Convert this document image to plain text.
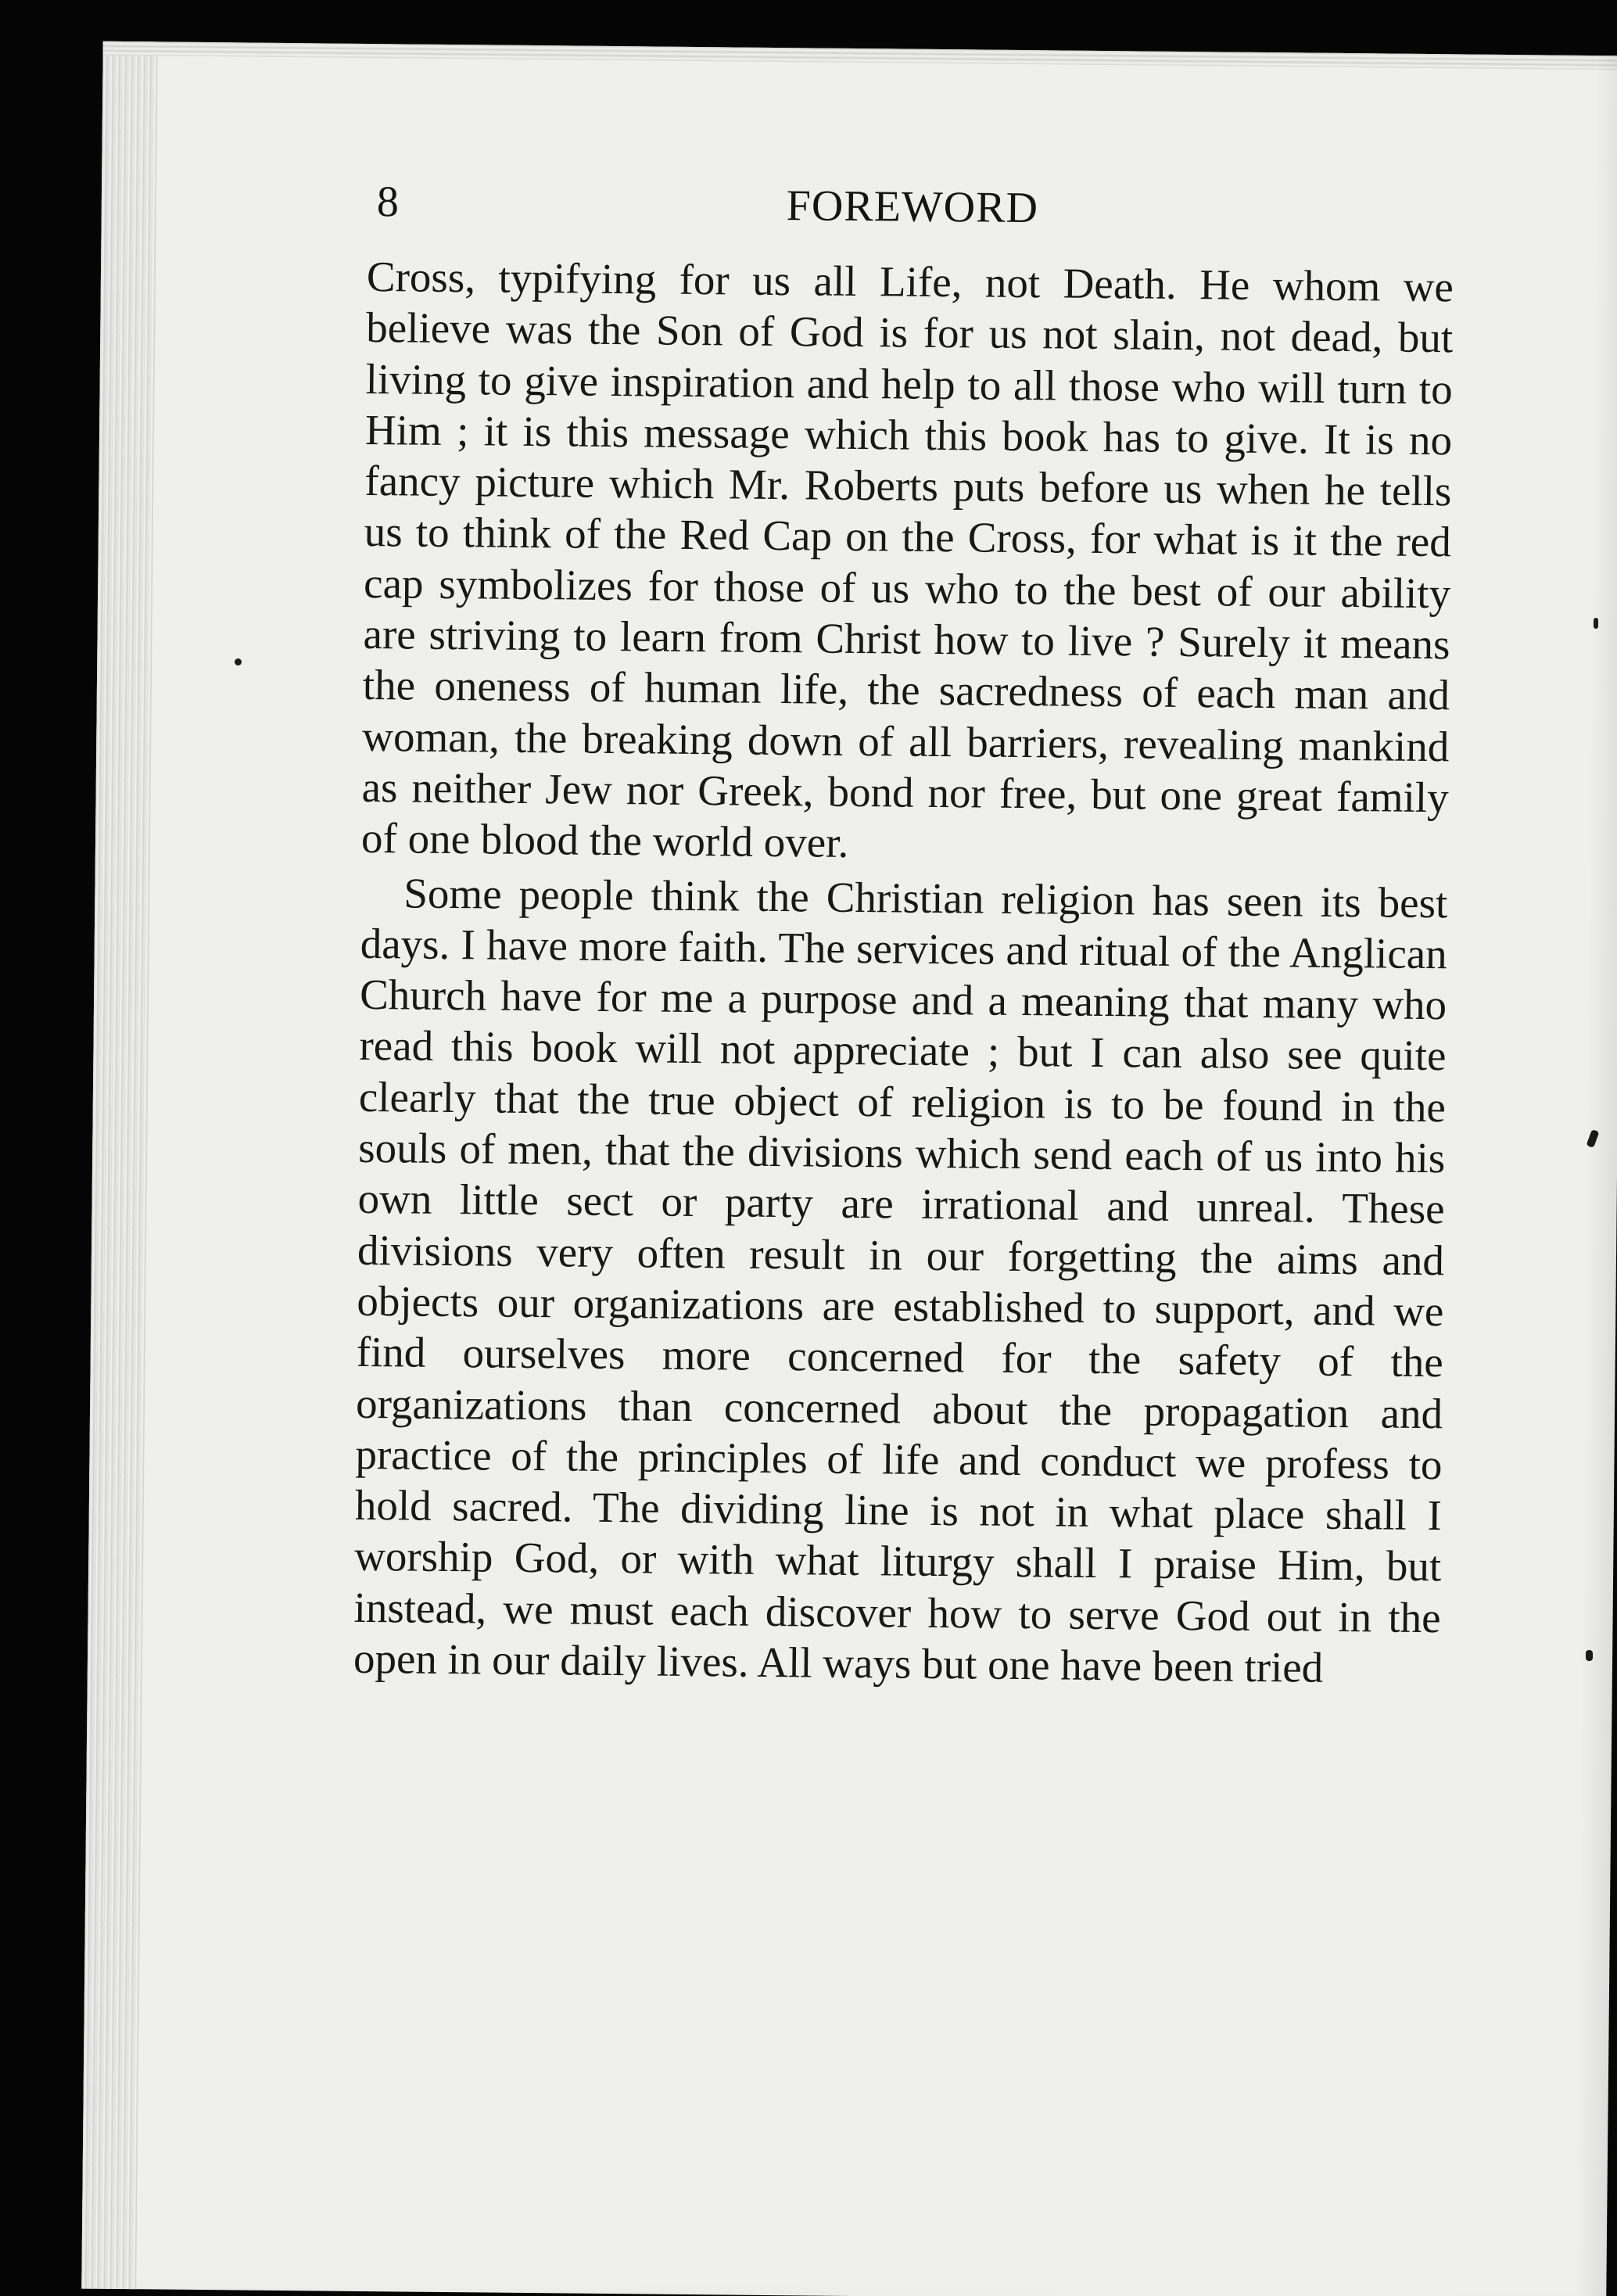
8	FOREWORD

Cross, typifying for us all Life, not Death. He whom we believe was the Son of God is for us not slain, not dead, but living to give inspiration and help to all those who will turn to Him ; it is this message which this book has to give. It is no fancy picture which Mr. Roberts puts before us when he tells us to think of the Red Cap on the Cross, for what is it the red cap symbolizes for those of us who to the best of our ability are striving to learn from Christ how to live ? Surely it means the oneness of human life, the sacredness of each man and woman, the breaking down of all barriers, revealing mankind as neither Jew nor Greek, bond nor free, but one great family of one blood the world over.

Some people think the Christian religion has seen its best days. I have more faith. The services and ritual of the Anglican Church have for me a purpose and a meaning that many who read this book will not appreciate ; but I can also see quite clearly that the true object of religion is to be found in the souls of men, that the divisions which send each of us into his own little sect or party are irrational and unreal. These divisions very often result in our forgetting the aims and objects our organizations are established to support, and we find ourselves more concerned for the safety of the organizations than concerned about the propagation and practice of the principles of life and conduct we profess to hold sacred. The dividing line is not in what place shall I worship God, or with what liturgy shall I praise Him, but instead, we must each discover how to serve God out in the open in our daily lives. All ways but one have been tried
